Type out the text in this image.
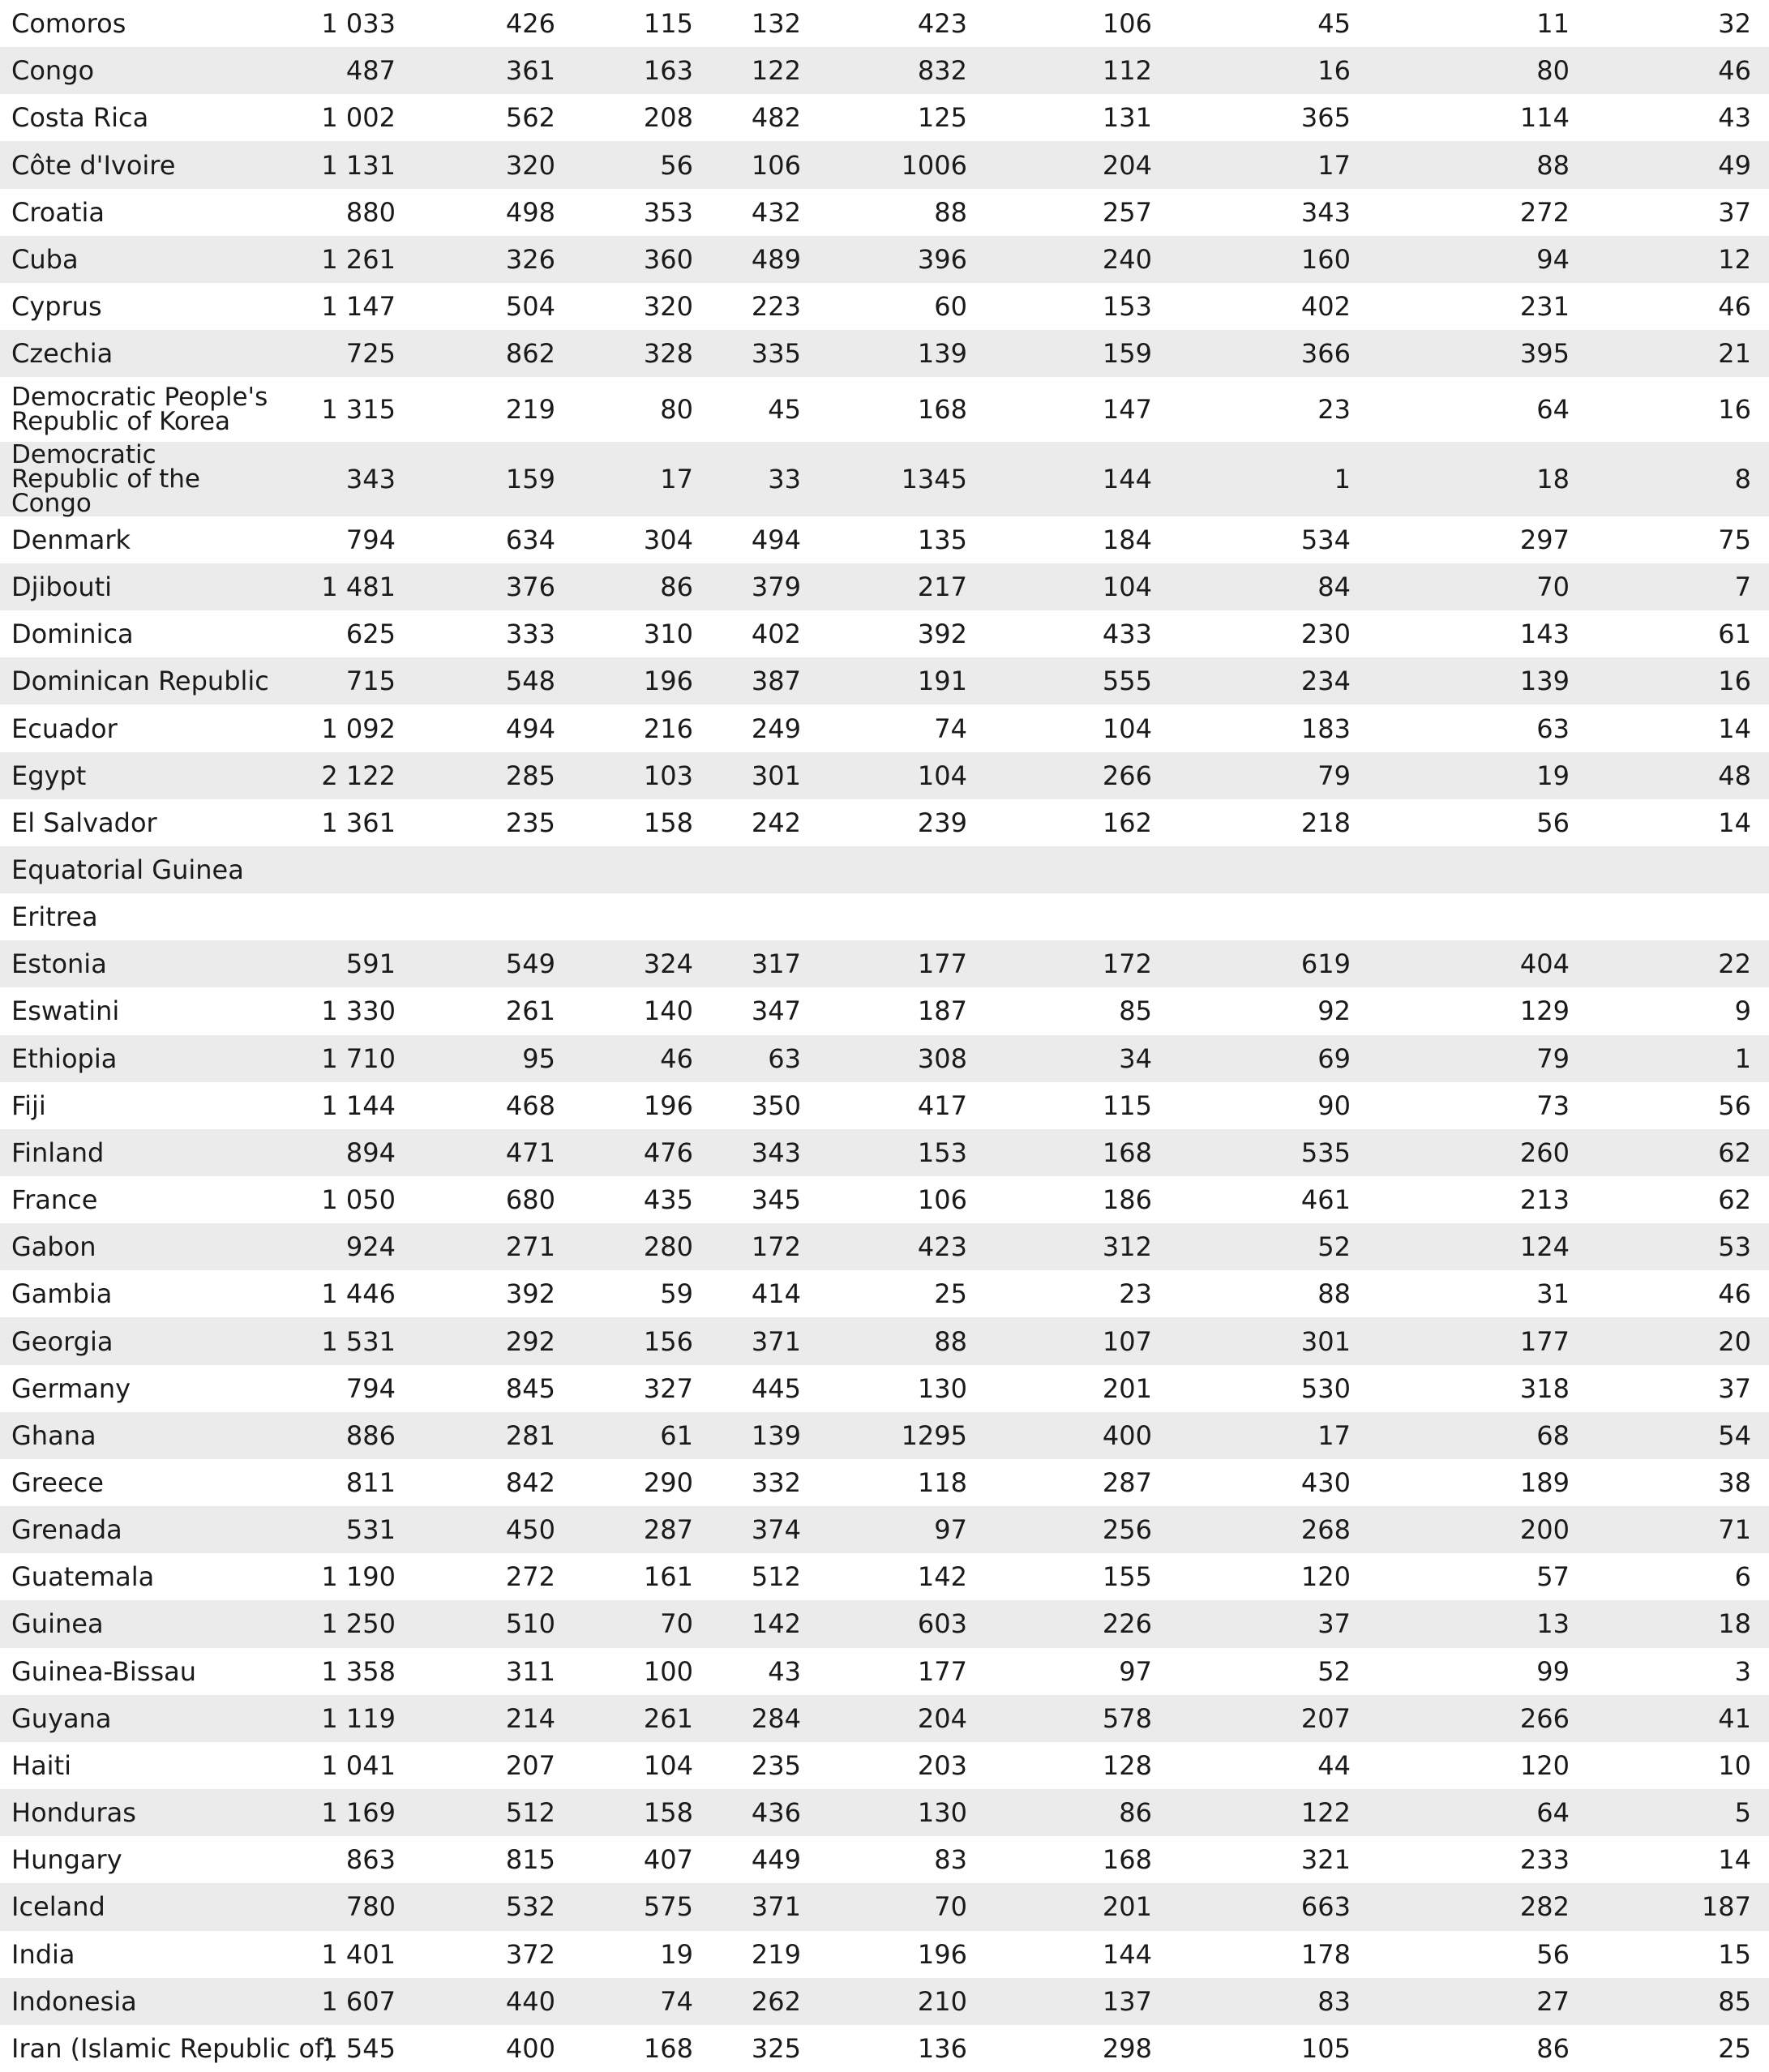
Comoros	1 033	426	115	132	423	106	45	11	32
Congo	487	361	163	122	832	112	16	80	46
Costa Rica	1 002	562	208	482	125	131	365	114	43
Côte d'Ivoire	1 131	320	56	106	1006	204	17	88	49
Croatia	880	498	353	432	88	257	343	272	37
Cuba	1 261	326	360	489	396	240	160	94	12
Cyprus	1 147	504	320	223	60	153	402	231	46
Czechia	725	862	328	335	139	159	366	395	21
Democratic People's Republic of Korea	1 315	219	80	45	168	147	23	64	16
Democratic Republic of the Congo	343	159	17	33	1345	144	1	18	8
Denmark	794	634	304	494	135	184	534	297	75
Djibouti	1 481	376	86	379	217	104	84	70	7
Dominica	625	333	310	402	392	433	230	143	61
Dominican Republic	715	548	196	387	191	555	234	139	16
Ecuador	1 092	494	216	249	74	104	183	63	14
Egypt	2 122	285	103	301	104	266	79	19	48
El Salvador	1 361	235	158	242	239	162	218	56	14
Equatorial Guinea									
Eritrea									
Estonia	591	549	324	317	177	172	619	404	22
Eswatini	1 330	261	140	347	187	85	92	129	9
Ethiopia	1 710	95	46	63	308	34	69	79	1
Fiji	1 144	468	196	350	417	115	90	73	56
Finland	894	471	476	343	153	168	535	260	62
France	1 050	680	435	345	106	186	461	213	62
Gabon	924	271	280	172	423	312	52	124	53
Gambia	1 446	392	59	414	25	23	88	31	46
Georgia	1 531	292	156	371	88	107	301	177	20
Germany	794	845	327	445	130	201	530	318	37
Ghana	886	281	61	139	1295	400	17	68	54
Greece	811	842	290	332	118	287	430	189	38
Grenada	531	450	287	374	97	256	268	200	71
Guatemala	1 190	272	161	512	142	155	120	57	6
Guinea	1 250	510	70	142	603	226	37	13	18
Guinea-Bissau	1 358	311	100	43	177	97	52	99	3
Guyana	1 119	214	261	284	204	578	207	266	41
Haiti	1 041	207	104	235	203	128	44	120	10
Honduras	1 169	512	158	436	130	86	122	64	5
Hungary	863	815	407	449	83	168	321	233	14
Iceland	780	532	575	371	70	201	663	282	187
India	1 401	372	19	219	196	144	178	56	15
Indonesia	1 607	440	74	262	210	137	83	27	85
Iran (Islamic Republic of)	1 545	400	168	325	136	298	105	86	25
